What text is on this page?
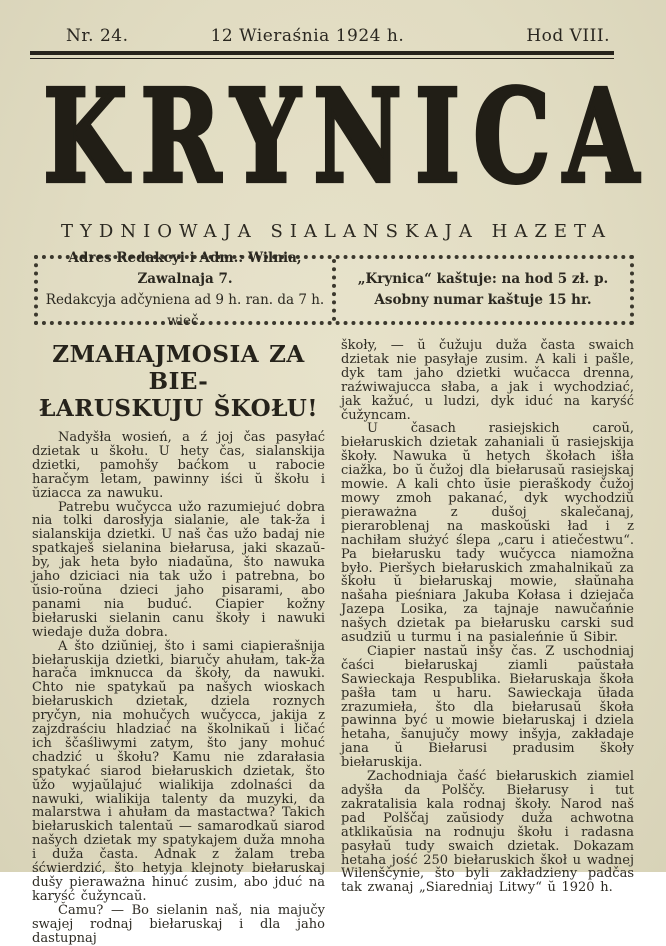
Nr. 24.	12 Wieraśnia 1924 h.	Hod VIII.
KRYNICA
TYDNIOWAJA SIALANSKAJA HAZETA

Adres Redakcyi i Adm.: Wilnia, Zawalnaja 7.

Redakcyja adčyniena ad 9 h. ran. da 7 h. wieč.

„Krynica“ kaštuje: na hod 5 zł. p.

Asobny numar kaštuje 15 hr.

ZMAHAJMOSIA ZA BIE-
ŁARUSKUJU ŠKOŁU!

Nadyšła wosień, a ź joj čas pasyłać dzietak u škołu. U hety čas, sialanskija dzietki, pamohšy baćkom u rabocie haračym letam, pawinny iści ŭ škołu i ŭziacca za nawuku.

Patrebu wučycca užo razumiejuć dobra nia tolki darosłyja sialanie, ale tak-ža i sialanskija dzietki. U naš čas užo badaj nie spatkaješ sielanina biełarusa, jaki skazaŭ-by, jak heta było niadaŭna, što nawuka jaho dziciaci nia tak užo i patrebna, bo ŭsio-roŭna dzieci jaho pisarami, abo panami nia buduć. Ciapier kožny biełaruski sielanin canu škoły i nawuki wiedaje duža dobra.

A što dziŭniej, što i sami ciapierašnija biełaruskija dzietki, biaručy ahułam, tak-ža harača imknucca da škoły, da nawuki. Chto nie spatykaŭ pa našych wioskach biełaruskich dzietak, dziela roznych pryčyn, nia mohučych wučycca, jakija z zajzdraściu hladziać na školnikaŭ i ličać ich ščaśliwymi zatym, što jany mohuć chadzić u škołu? Kamu nie zdarałasia spatykać siarod biełaruskich dzietak, što ŭžo wyjaŭlajuć wialikija zdolnaści da nawuki, wialikija talenty da muzyki, da malarstwa i ahułam da mastactwa? Takich biełaruskich talentaŭ — samarodkaŭ siarod našych dzietak my spatykajem duža mnoha i duža časta. Adnak z žalam treba śćwierdzić, što hetyja klejnoty biełaruskaj dušy pieraważna hinuć zusim, abo jduć na karyść čužyncaŭ.

Čamu? — Bo sielanin naš, nia majučy swajej rodnaj biełaruskaj i dla jaho dastupnaj

škoły, — ŭ čužuju duža časta swaich dzietak nie pasyłaje zusim. A kali i pašle, dyk tam jaho dzietki wučacca drenna, raźwiwajucca słaba, a jak i wychodziać, jak kažuć, u ludzi, dyk iduć na karyść čužyncam.

U časach rasiejskich caroŭ, biełaruskich dzietak zahaniali ŭ rasiejskija škoły. Nawuka ŭ hetych škołach išła ciažka, bo ŭ čužoj dla biełarusaŭ rasiejskaj mowie. A kali chto ŭsie pieraškody čužoj mowy zmoh pakanać, dyk wychodziŭ pieraważna z dušoj skalečanaj, pieraroblenaj na maskoŭski ład i z nachiłam służyć ślepa „caru i atiečestwu“. Pa biełarusku tady wučycca niamožna było. Pieršych biełaruskich zmahalnikaŭ za škołu ŭ biełaruskaj mowie, słaŭnaha našaha pieśniara Jakuba Kołasa i dziejača Jazepa Losika, za tajnaje nawučańnie našych dzietak pa biełarusku carski sud asudziŭ u turmu i na pasialeńnie ŭ Sibir.

Ciapier nastaŭ inšy čas. Z uschodniaj čaści biełaruskaj ziamli paŭstała Sawieckaja Respublika. Biełaruskaja škoła pašła tam u haru. Sawieckaja ŭłada zrazumieła, što dla biełarusaŭ škoła pawinna być u mowie biełaruskaj i dziela hetaha, šanujučy mowy inšyja, zakładaje jana ŭ Biełarusi pradusim škoły biełaruskija.

Zachodniaja čaść biełaruskich ziamiel adyšła da Polščy. Biełarusy i tut zakratalisia kala rodnaj škoły. Narod naš pad Polščaj zaŭsiody duža achwotna atklikaŭsia na rodnuju škołu i radasna pasyłaŭ tudy swaich dzietak. Dokazam hetaha jość 250 biełaruskich škoł u wadnej Wilenščynie, što byli zakładzieny padčas tak zwanaj „Siaredniaj Litwy“ ŭ 1920 h.
